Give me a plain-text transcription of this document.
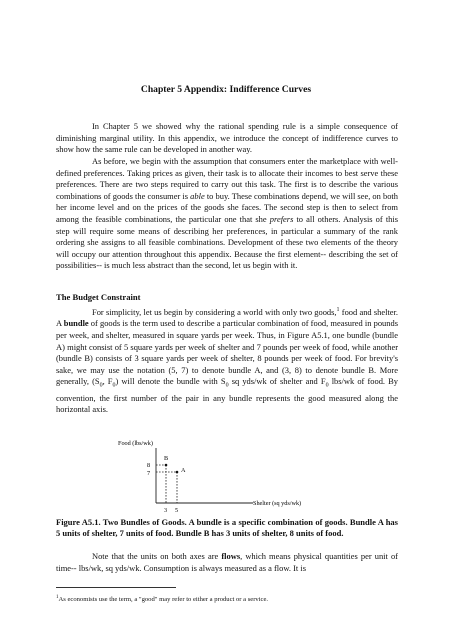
Chapter 5 Appendix: Indifference Curves

In Chapter 5 we showed why the rational spending rule is a simple consequence of diminishing marginal utility. In this appendix, we introduce the concept of indifference curves to show how the same rule can be developed in another way.

As before, we begin with the assumption that consumers enter the marketplace with well-defined preferences. Taking prices as given, their task is to allocate their incomes to best serve these preferences. There are two steps required to carry out this task. The first is to describe the various combinations of goods the consumer is able to buy. These combinations depend, we will see, on both her income level and on the prices of the goods she faces. The second step is then to select from among the feasible combinations, the particular one that she prefers to all others. Analysis of this step will require some means of describing her preferences, in particular a summary of the rank ordering she assigns to all feasible combinations. Development of these two elements of the theory will occupy our attention throughout this appendix. Because the first element-- describing the set of possibilities-- is much less abstract than the second, let us begin with it.

The Budget Constraint

For simplicity, let us begin by considering a world with only two goods,$^1$ food and shelter. A bundle of goods is the term used to describe a particular combination of food, measured in pounds per week, and shelter, measured in square yards per week. Thus, in Figure A5.1, one bundle (bundle A) might consist of 5 square yards per week of shelter and 7 pounds per week of food, while another (bundle B) consists of 3 square yards per week of shelter, 8 pounds per week of food. For brevity's sake, we may use the notation (5, 7) to denote bundle A, and (3, 8) to denote bundle B. More generally, ($S_0$, $F_0$) will denote the bundle with $S_0$ sq yds/wk of shelter and $F_0$ lbs/wk of food. By convention, the first number of the pair in any bundle represents the good measured along the horizontal axis.

Food (lbs/wk)
Shelter (sq yds/wk)
8
7
3 5
B
A

Figure A5.1. Two Bundles of Goods. A bundle is a specific combination of goods. Bundle A has 5 units of shelter, 7 units of food. Bundle B has 3 units of shelter, 8 units of food.

Note that the units on both axes are flows, which means physical quantities per unit of time-- lbs/wk, sq yds/wk. Consumption is always measured as a flow. It is

$^1$As economists use the term, a "good" may refer to either a product or a service.
